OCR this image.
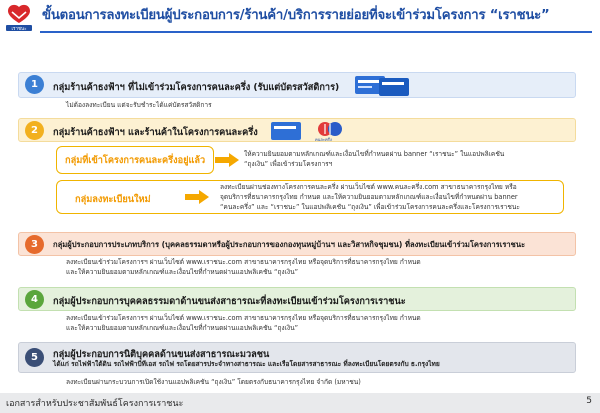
เราชนะ
ขั้นตอนการลงทะเบียนผู้ประกอบการ/ร้านค้า/บริการรายย่อยที่จะเข้าร่วมโครงการ “เราชนะ”
1	กลุ่มร้านค้าธงฟ้าฯ ที่ไม่เข้าร่วมโครงการคนละครึ่ง (รับแต่บัตรสวัสดิการ)
ไม่ต้องลงทะเบียน แต่จะรับชำระได้แค่บัตรสวัสดิการ
2	กลุ่มร้านค้าธงฟ้าฯ และร้านค้าในโครงการคนละครึ่ง
คนละครึ่ง
กลุ่มที่เข้าโครงการคนละครึ่งอยู่แล้ว
ให้ความยินยอมตามหลักเกณฑ์และเงื่อนไขที่กำหนดผ่าน banner “เราชนะ” ในแอปพลิเคชัน
“ถุงเงิน” เพื่อเข้าร่วมโครงการฯ
กลุ่มลงทะเบียนใหม่
ลงทะเบียนผ่านช่องทางโครงการคนละครึ่ง ผ่านเว็บไซต์ www.คนละครึ่ง.com สาขาธนาคารกรุงไทย หรือ
จุดบริการที่ธนาคารกรุงไทย กำหนด และให้ความยินยอมตามหลักเกณฑ์และเงื่อนไขที่กำหนดผ่าน banner
“คนละครึ่ง” และ “เราชนะ” ในแอปพลิเคชัน “ถุงเงิน” เพื่อเข้าร่วมโครงการคนละครึ่งและโครงการเราชนะ
3	กลุ่มผู้ประกอบการประเภทบริการ (บุคคลธรรมดาหรือผู้ประกอบการของกองทุนหมู่บ้านฯ และวิสาหกิจชุมชน) ที่ลงทะเบียนเข้าร่วมโครงการเราชนะ
ลงทะเบียนเข้าร่วมโครงการฯ ผ่านเว็บไซต์ www.เราชนะ.com สาขาธนาคารกรุงไทย หรือจุดบริการที่ธนาคารกรุงไทย กำหนด
และให้ความยินยอมตามหลักเกณฑ์และเงื่อนไขที่กำหนดผ่านแอปพลิเคชัน “ถุงเงิน”
4	กลุ่มผู้ประกอบการบุคคลธรรมดาด้านขนส่งสาธารณะที่ลงทะเบียนเข้าร่วมโครงการเราชนะ
ลงทะเบียนเข้าร่วมโครงการฯ ผ่านเว็บไซต์ www.เราชนะ.com สาขาธนาคารกรุงไทย หรือจุดบริการที่ธนาคารกรุงไทย กำหนด
และให้ความยินยอมตามหลักเกณฑ์และเงื่อนไขที่กำหนดผ่านแอปพลิเคชัน “ถุงเงิน”
5	กลุ่มผู้ประกอบการนิติบุคคลด้านขนส่งสาธารณะมวลชน
ได้แก่ รถไฟฟ้าใต้ดิน รถไฟฟ้าบีทีเอส รถไฟ รถโดยสารประจำทางสาธารณะ และเรือโดยสารสาธารณะ ที่ลงทะเบียนโดยตรงกับ ธ.กรุงไทย
ลงทะเบียนผ่านกระบวนการเปิดใช้งานแอปพลิเคชัน “ถุงเงิน” โดยตรงกับธนาคารกรุงไทย จำกัด (มหาชน)
เอกสารสำหรับประชาสัมพันธ์โครงการเราชนะ	5
